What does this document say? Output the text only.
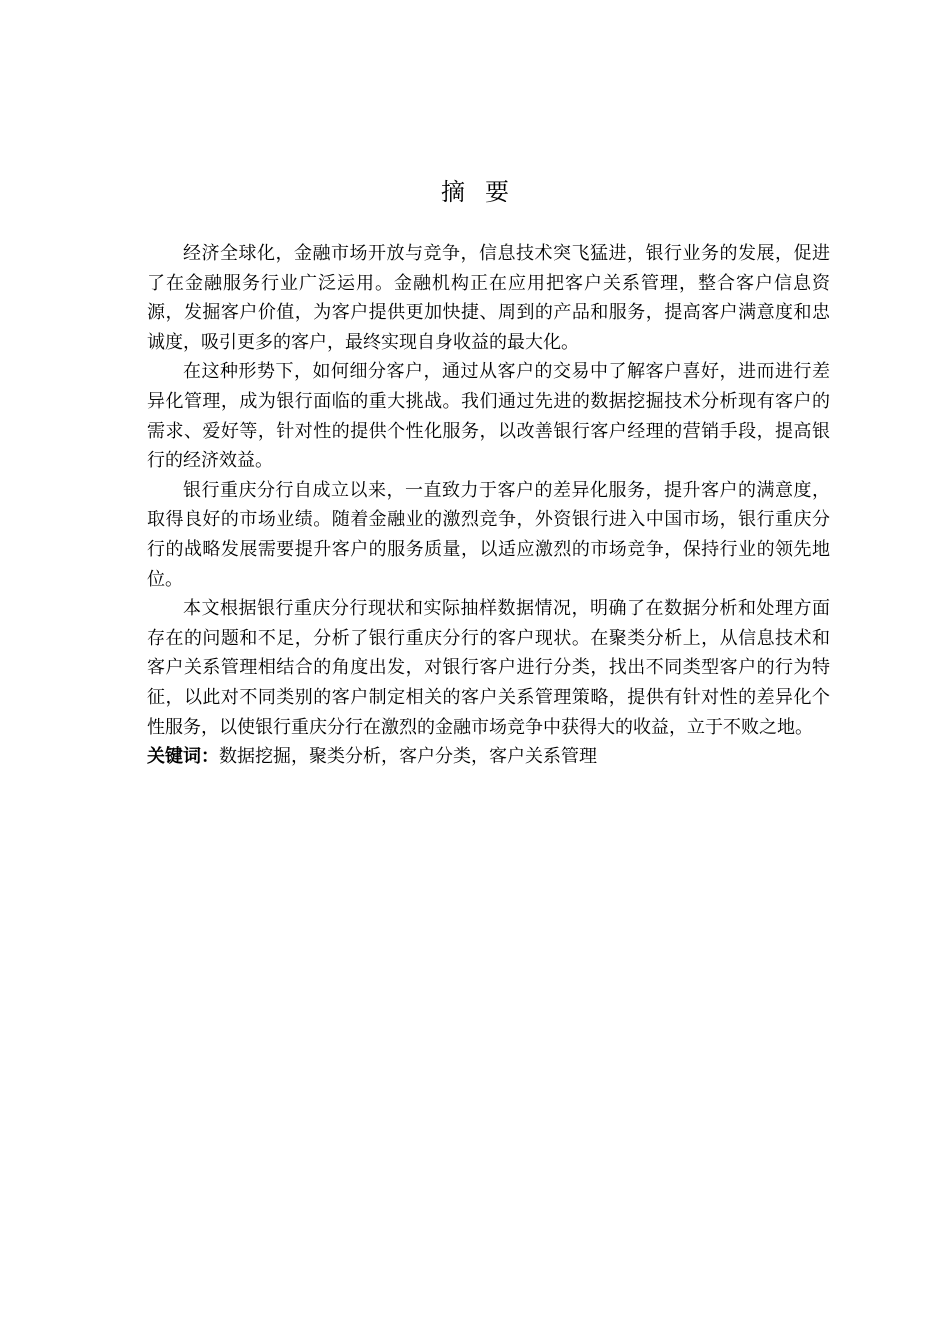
摘要

经济全球化，金融市场开放与竞争，信息技术突飞猛进，银行业务的发展，促进了在金融服务行业广泛运用。金融机构正在应用把客户关系管理，整合客户信息资源，发掘客户价值，为客户提供更加快捷、周到的产品和服务，提高客户满意度和忠诚度，吸引更多的客户，最终实现自身收益的最大化。

在这种形势下，如何细分客户，通过从客户的交易中了解客户喜好，进而进行差异化管理，成为银行面临的重大挑战。我们通过先进的数据挖掘技术分析现有客户的需求、爱好等，针对性的提供个性化服务，以改善银行客户经理的营销手段，提高银行的经济效益。

银行重庆分行自成立以来，一直致力于客户的差异化服务，提升客户的满意度，取得良好的市场业绩。随着金融业的激烈竞争，外资银行进入中国市场，银行重庆分行的战略发展需要提升客户的服务质量，以适应激烈的市场竞争，保持行业的领先地位。

本文根据银行重庆分行现状和实际抽样数据情况，明确了在数据分析和处理方面存在的问题和不足，分析了银行重庆分行的客户现状。在聚类分析上，从信息技术和客户关系管理相结合的角度出发，对银行客户进行分类，找出不同类型客户的行为特征，以此对不同类别的客户制定相关的客户关系管理策略，提供有针对性的差异化个性服务，以使银行重庆分行在激烈的金融市场竞争中获得大的收益，立于不败之地。

关键词：数据挖掘，聚类分析，客户分类，客户关系管理
